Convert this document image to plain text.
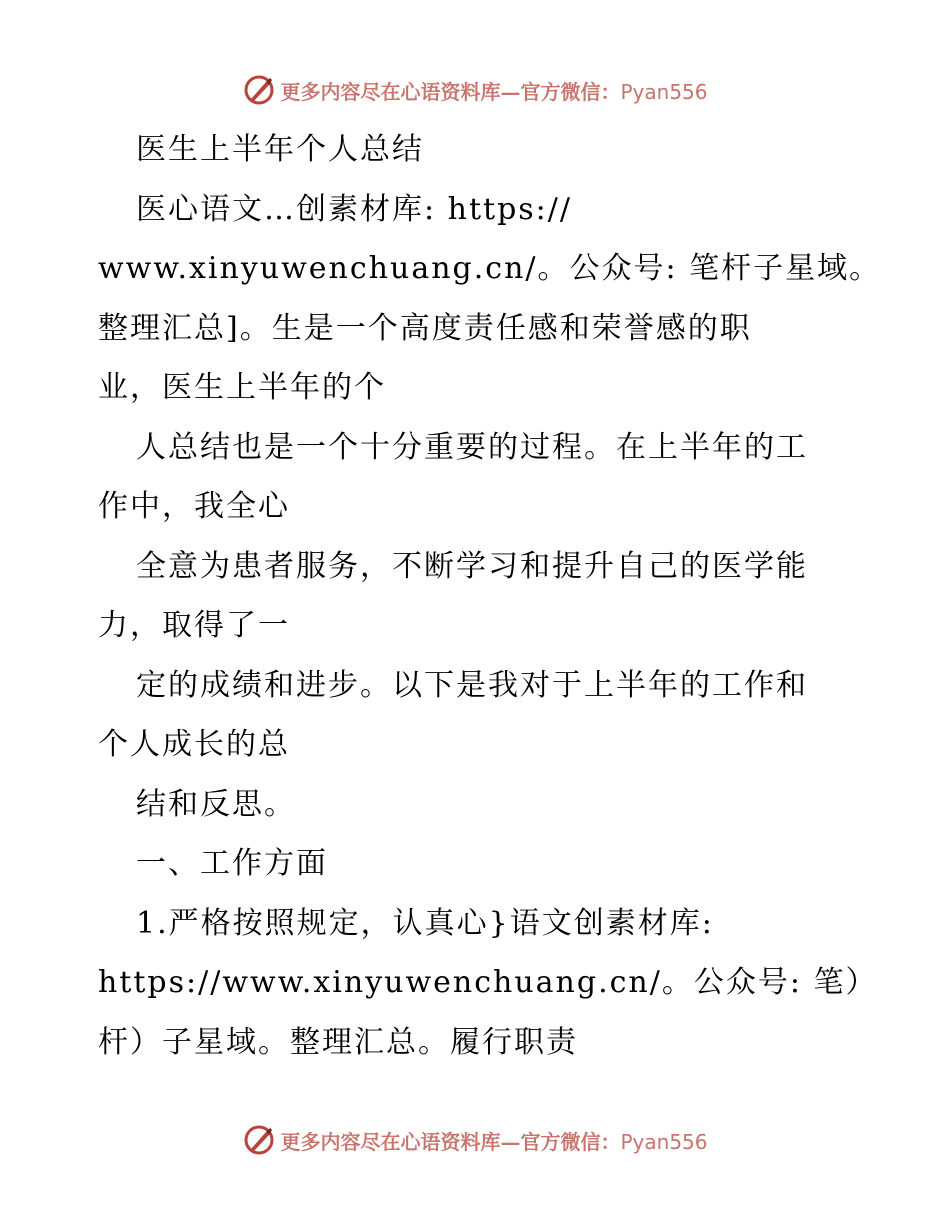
更多内容尽在心语资料库—官方微信：Pyan556
医生上半年个人总结
医心语文…创素材库: https://
www.xinyuwenchuang.cn/。公众号: 笔杆子星域。
整理汇总]。生是一个高度责任感和荣誉感的职
业，医生上半年的个
人总结也是一个十分重要的过程。在上半年的工
作中，我全心
全意为患者服务，不断学习和提升自己的医学能
力，取得了一
定的成绩和进步。以下是我对于上半年的工作和
个人成长的总
结和反思。
一、工作方面
1.严格按照规定，认真心}语文创素材库:
https://www.xinyuwenchuang.cn/。公众号: 笔）
杆）子星域。整理汇总。履行职责
更多内容尽在心语资料库—官方微信：Pyan556
